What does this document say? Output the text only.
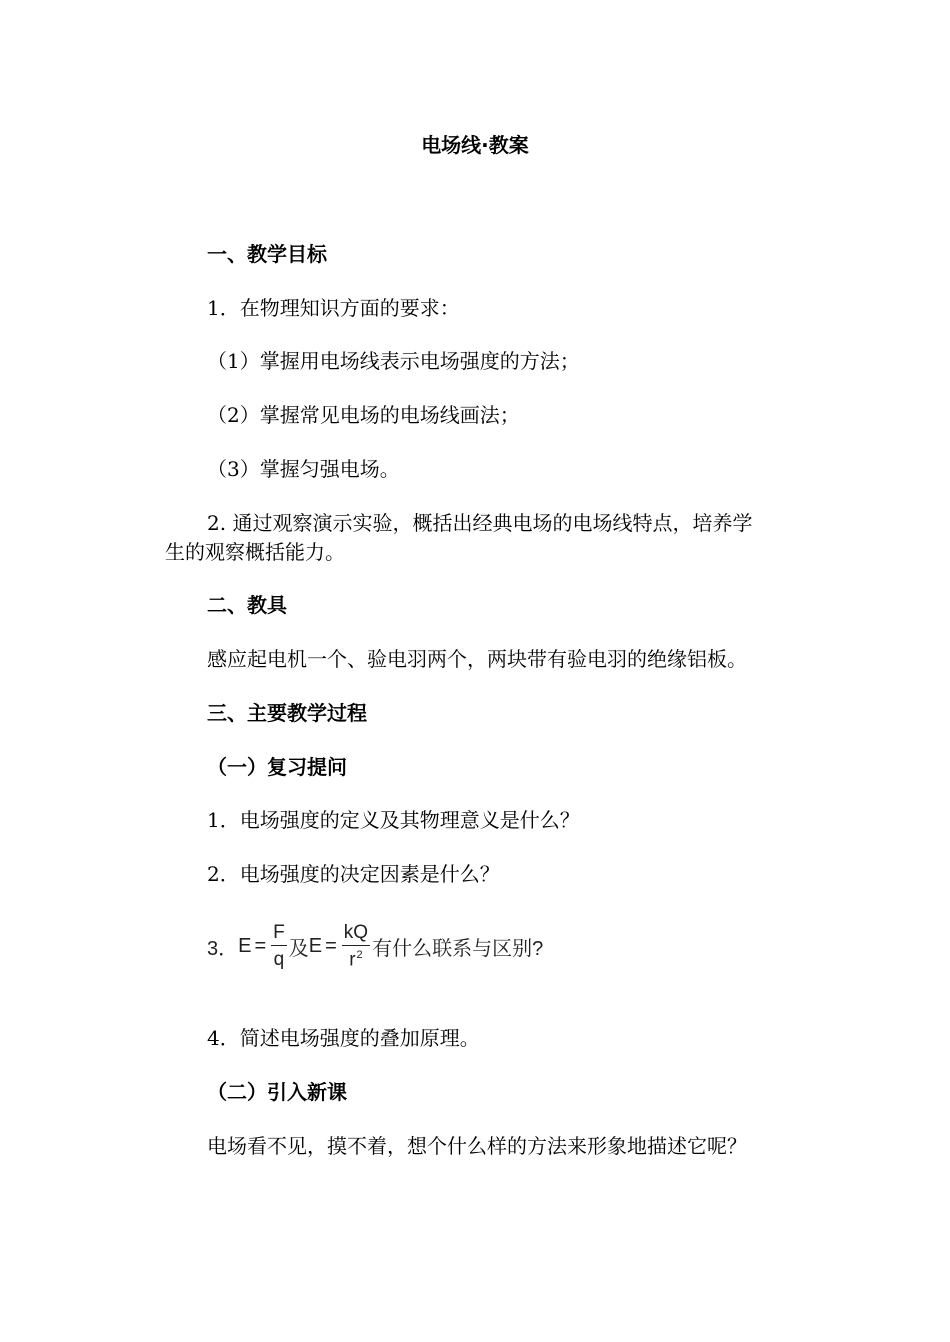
电场线·教案
一、教学目标
1．在物理知识方面的要求：
（1）掌握用电场线表示电场强度的方法；
（2）掌握常见电场的电场线画法；
（3）掌握匀强电场。
2. 通过观察演示实验，概括出经典电场的电场线特点，培养学
生的观察概括能力。
二、教具
感应起电机一个、验电羽两个，两块带有验电羽的绝缘铝板。
三、主要教学过程
（一）复习提问
1．电场强度的定义及其物理意义是什么？
2．电场强度的决定因素是什么？
3． $E = \frac{F}{q}$ 及 $E = \frac{kQ}{r^2}$ 有什么联系与区别?
4．简述电场强度的叠加原理。
（二）引入新课
电场看不见，摸不着，想个什么样的方法来形象地描述它呢？
